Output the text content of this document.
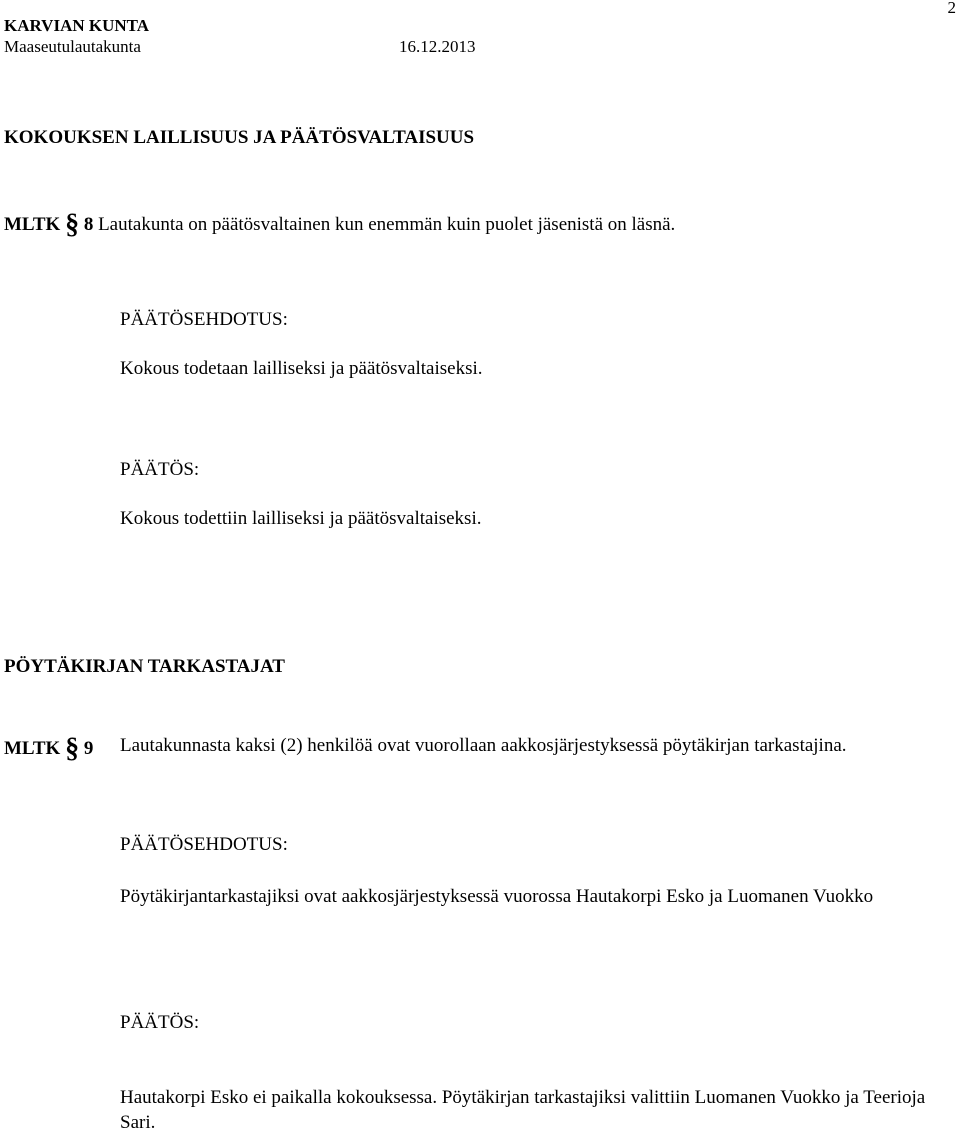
2
KARVIAN KUNTA
Maaseutulautakunta	16.12.2013
KOKOUKSEN LAILLISUUS JA PÄÄTÖSVALTAISUUS
MLTK § 8 Lautakunta on päätösvaltainen kun enemmän kuin puolet jäsenistä on läsnä.
PÄÄTÖSEHDOTUS:
Kokous todetaan lailliseksi ja päätösvaltaiseksi.
PÄÄTÖS:
Kokous todettiin lailliseksi ja päätösvaltaiseksi.
PÖYTÄKIRJAN TARKASTAJAT
MLTK § 9	Lautakunnasta kaksi (2) henkilöä ovat vuorollaan aakkosjärjestyksessä pöytäkirjan tarkastajina.
PÄÄTÖSEHDOTUS:
Pöytäkirjantarkastajiksi ovat aakkosjärjestyksessä vuorossa Hautakorpi Esko ja Luomanen Vuokko
PÄÄTÖS:
Hautakorpi Esko ei paikalla kokouksessa. Pöytäkirjan tarkastajiksi valittiin Luomanen Vuokko ja Teerioja Sari.
